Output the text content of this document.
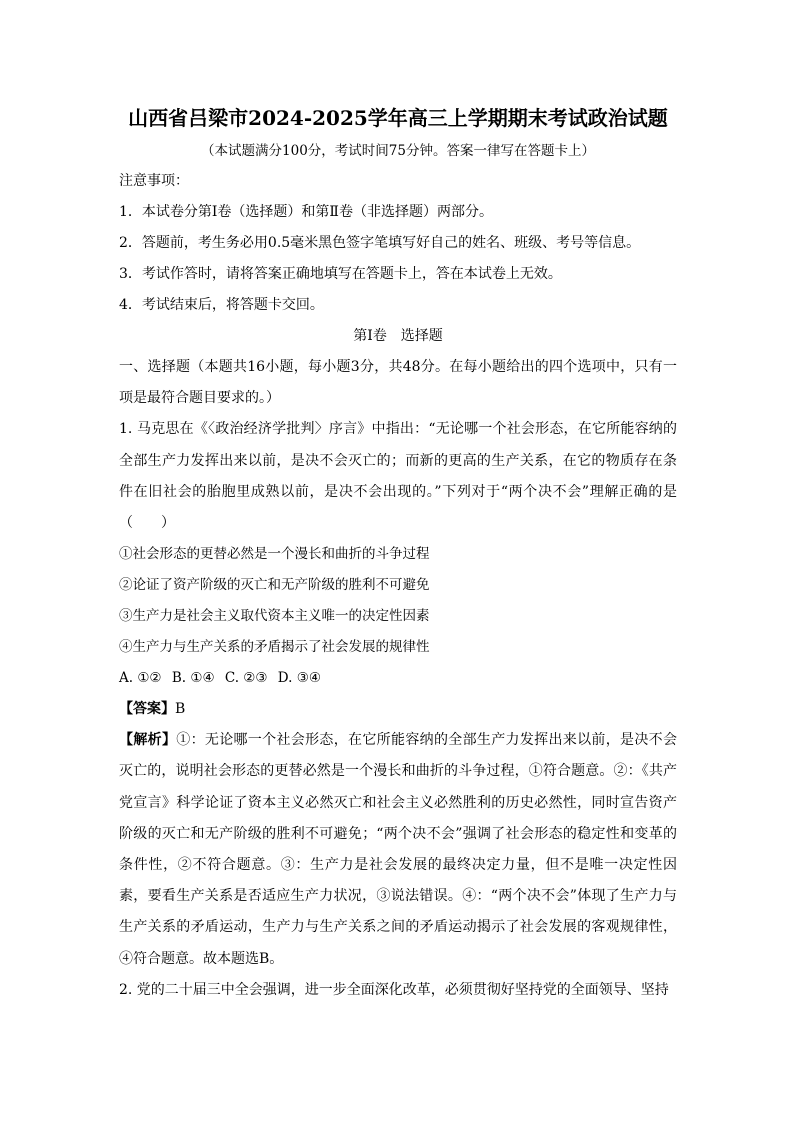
山西省吕梁市2024-2025学年高三上学期期末考试政治试题
（本试题满分100分，考试时间75分钟。答案一律写在答题卡上）
注意事项：
1．本试卷分第Ⅰ卷（选择题）和第Ⅱ卷（非选择题）两部分。
2．答题前，考生务必用0.5毫米黑色签字笔填写好自己的姓名、班级、考号等信息。
3．考试作答时，请将答案正确地填写在答题卡上，答在本试卷上无效。
4．考试结束后，将答题卡交回。
第Ⅰ卷　选择题
一、选择题（本题共16小题，每小题3分，共48分。在每小题给出的四个选项中，只有一项是最符合题目要求的。）
1. 马克思在《〈政治经济学批判〉序言》中指出：“无论哪一个社会形态，在它所能容纳的全部生产力发挥出来以前，是决不会灭亡的；而新的更高的生产关系，在它的物质存在条件在旧社会的胎胞里成熟以前，是决不会出现的。”下列对于“两个决不会”理解正确的是（　　）
①社会形态的更替必然是一个漫长和曲折的斗争过程
②论证了资产阶级的灭亡和无产阶级的胜利不可避免
③生产力是社会主义取代资本主义唯一的决定性因素
④生产力与生产关系的矛盾揭示了社会发展的规律性
A. ①② B. ①④ C. ②③ D. ③④
【答案】B
【解析】①：无论哪一个社会形态，在它所能容纳的全部生产力发挥出来以前，是决不会灭亡的，说明社会形态的更替必然是一个漫长和曲折的斗争过程，①符合题意。②：《共产党宣言》科学论证了资本主义必然灭亡和社会主义必然胜利的历史必然性，同时宣告资产阶级的灭亡和无产阶级的胜利不可避免；“两个决不会”强调了社会形态的稳定性和变革的条件性，②不符合题意。③：生产力是社会发展的最终决定力量，但不是唯一决定性因素，要看生产关系是否适应生产力状况，③说法错误。④：“两个决不会”体现了生产力与生产关系的矛盾运动，生产力与生产关系之间的矛盾运动揭示了社会发展的客观规律性，④符合题意。故本题选B。
2. 党的二十届三中全会强调，进一步全面深化改革，必须贯彻好坚持党的全面领导、坚持
